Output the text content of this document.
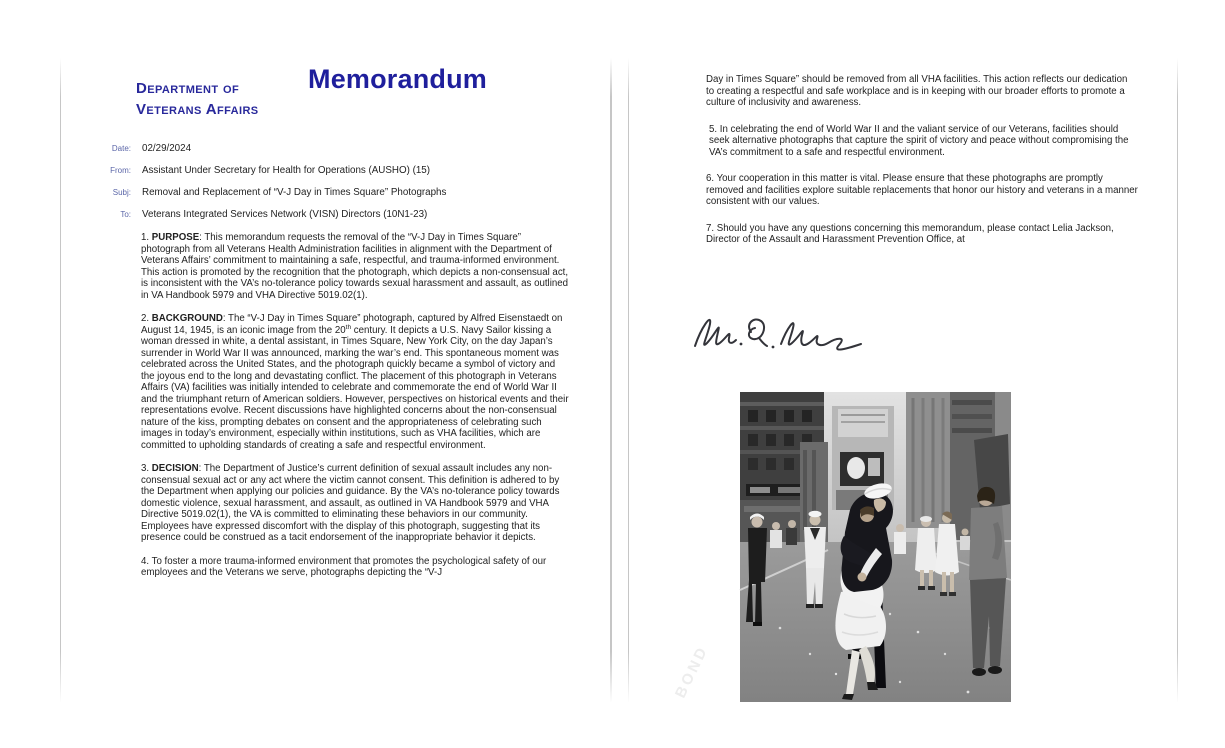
Department of
Veterans Affairs
Memorandum
Date: 02/29/2024
From: Assistant Under Secretary for Health for Operations (AUSHO) (15)
Subj: Removal and Replacement of “V-J Day in Times Square” Photographs
To: Veterans Integrated Services Network (VISN) Directors (10N1-23)

1. PURPOSE: This memorandum requests the removal of the “V-J Day in Times Square” photograph from all Veterans Health Administration facilities in alignment with the Department of Veterans Affairs’ commitment to maintaining a safe, respectful, and trauma-informed environment. This action is promoted by the recognition that the photograph, which depicts a non-consensual act, is inconsistent with the VA’s no-tolerance policy towards sexual harassment and assault, as outlined in VA Handbook 5979 and VHA Directive 5019.02(1).

2. BACKGROUND: The “V-J Day in Times Square” photograph, captured by Alfred Eisenstaedt on August 14, 1945, is an iconic image from the 20th century. It depicts a U.S. Navy Sailor kissing a woman dressed in white, a dental assistant, in Times Square, New York City, on the day Japan’s surrender in World War II was announced, marking the war’s end. This spontaneous moment was celebrated across the United States, and the photograph quickly became a symbol of victory and the joyous end to the long and devastating conflict. The placement of this photograph in Veterans Affairs (VA) facilities was initially intended to celebrate and commemorate the end of World War II and the triumphant return of American soldiers. However, perspectives on historical events and their representations evolve. Recent discussions have highlighted concerns about the non-consensual nature of the kiss, prompting debates on consent and the appropriateness of celebrating such images in today’s environment, especially within institutions, such as VHA facilities, which are committed to upholding standards of creating a safe and respectful environment.

3. DECISION: The Department of Justice’s current definition of sexual assault includes any non-consensual sexual act or any act where the victim cannot consent. This definition is adhered to by the Department when applying our policies and guidance. By the VA’s no-tolerance policy towards domestic violence, sexual harassment, and assault, as outlined in VA Handbook 5979 and VHA Directive 5019.02(1), the VA is committed to eliminating these behaviors in our community. Employees have expressed discomfort with the display of this photograph, suggesting that its presence could be construed as a tacit endorsement of the inappropriate behavior it depicts.

4. To foster a more trauma-informed environment that promotes the psychological safety of our employees and the Veterans we serve, photographs depicting the “V-J

Day in Times Square” should be removed from all VHA facilities. This action reflects our dedication to creating a respectful and safe workplace and is in keeping with our broader efforts to promote a culture of inclusivity and awareness.

5. In celebrating the end of World War II and the valiant service of our Veterans, facilities should seek alternative photographs that capture the spirit of victory and peace without compromising the VA’s commitment to a safe and respectful environment.

6. Your cooperation in this matter is vital. Please ensure that these photographs are promptly removed and facilities explore suitable replacements that honor our history and veterans in a manner consistent with our values.

7. Should you have any questions concerning this memorandum, please contact Lelia Jackson, Director of the Assault and Harassment Prevention Office, at

BOND
